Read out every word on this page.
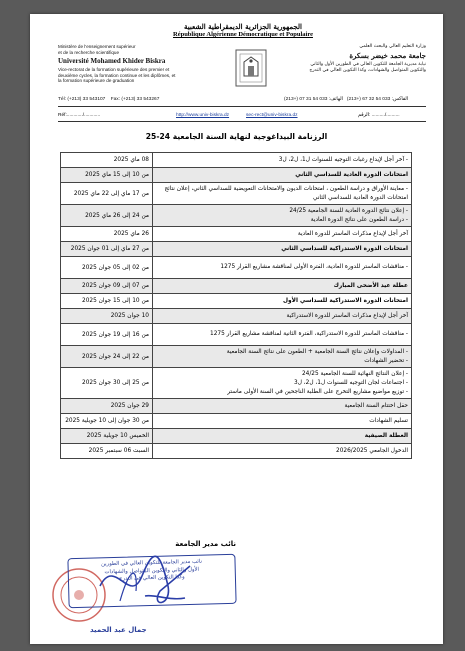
الجمهورية الجزائرية الديمقراطية الشعبية
République Algérienne Démocratique et Populaire
Ministère de l'enseignement supérieur
et de la recherche scientifique
Université Mohamed Khider Biskra
Vice-rectorat de la formation supérieure des premier et deuxième cycles, la formation continue et les diplômes, et la formation supérieure de graduation
وزارة التعليم العالي والبحث العلمي
جامعة محمد خيضر بسكرة
نيابة مديرية الجامعة للتكوين العالي في الطورين الأول والثاني والتكوين المتواصل والشهادات، وكذا التكوين العالي في التدرج
Tél: (+213) 33 543107 Fax: (+213) 33 543267	الفاكس: 033 54 32 67 (+213)   الهاتف: 033 54 31 07 (+213)
Réf:............/............	http://www.univ-biskra.dz	sec-rect@univ-biskra.dz	الرقم: ........../..........
الرزنامة البيداغوجية لنهاية السنة الجامعية 24-25
- آخر أجل لإيداع رغبات التوجيه للسنوات ل1، ل2، ل3	08 ماي 2025

امتحانات الدورة العادية للسداسي الثاني	من 10 إلى 15 ماي 2025

- معاينة الأوراق و دراسة الطعون ، امتحانات الديون والامتحانات التعويضية للسداسي الثاني، إعلان نتائج امتحانات الدورة العادية للسداسي الثاني	من 17 ماي إلى 22 ماي 2025

- إعلان نتائج الدورة العادية للسنة الجامعية 24/25
- دراسة الطعون على نتائج الدورة العادية	من 24 إلى 26 ماي 2025

آخر أجل لإيداع مذكرات الماستر للدورة العادية	26 ماي 2025

امتحانات الدورة الاستدراكية للسداسي الثاني	من 27 ماي إلى 01 جوان 2025

- مناقشات الماستر للدورة العادية، الفترة الأولى لمناقشة مشاريع القرار 1275	من 02 إلى 05 جوان 2025

عطلة عيد الأضحى المبارك	من 07 إلى 09 جوان 2025

امتحانات الدورة الاستدراكية للسداسي الأول	من 10 إلى 15 جوان 2025

آخر أجل لإيداع مذكرات الماستر للدورة الاستدراكية	10 جوان 2025

- مناقشات الماستر للدورة الاستدراكية، الفترة الثانية لمناقشة مشاريع القرار 1275	من 16 إلى 19 جوان 2025

- المداولات وإعلان نتائج السنة الجامعية + الطعون على نتائج السنة الجامعية
- تحضير الشهادات	من 22 إلى 24 جوان 2025

- إعلان النتائج النهائية للسنة الجامعية 24/25
- اجتماعات لجان التوجيه للسنوات ل1، ل2، ل3
- توزيع مواضيع مشاريع التخرج على الطلبة الناجحين في السنة الأولى ماستر	من 25 إلى 30 جوان 2025

حفل اختتام السنة الجامعية	29 جوان 2025

تسليم الشهادات	من 30 جوان إلى 10 جويلية 2025

العطلة الصيفية	الخميس 10 جويلية 2025

الدخول الجامعي 2026/2025	السبت 06 سبتمبر 2025
نائب مدير الجامعة
نائب مدير الجامعة للتكوين العالي في الطورين
الأول والثاني والتكوين المتواصل والشهادات
وكذا التكوين العالي في التدرج
جمال عبد الحميد
